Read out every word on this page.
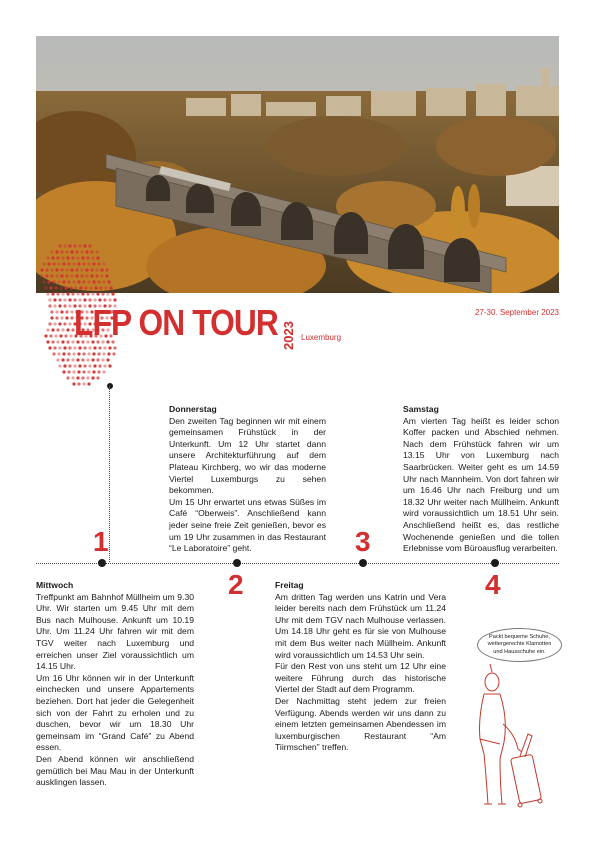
LFP ON TOUR 2023 Luxemburg
27-30. September 2023
1
2
3
4
Donnerstag

Den zweiten Tag beginnen wir mit einem gemeinsamen Frühstück in der Unterkunft. Um 12 Uhr startet dann unsere Architekturführung auf dem Plateau Kirchberg, wo wir das moderne Viertel Luxemburgs zu sehen bekommen.

Um 15 Uhr erwartet uns etwas Süßes im Café “Oberweis”. Anschließend kann jeder seine freie Zeit genießen, bevor es um 19 Uhr zusammen in das Restaurant “Le Laboratoire” geht.

Samstag

Am vierten Tag heißt es leider schon Koffer packen und Abschied nehmen. Nach dem Frühstück fahren wir um 13.15 Uhr von Luxemburg nach Saarbrücken. Weiter geht es um 14.59 Uhr nach Mannheim. Von dort fahren wir um 16.46 Uhr nach Freiburg und um 18.32 Uhr weiter nach Müllheim. Ankunft wird voraussichtlich um 18.51 Uhr sein. Anschließend heißt es, das restliche Wochenende genießen und die tollen Erlebnisse vom Büroausflug verarbeiten.

Mittwoch

Treffpunkt am Bahnhof Müllheim um 9.30 Uhr. Wir starten um 9.45 Uhr mit dem Bus nach Mulhouse. Ankunft um 10.19 Uhr. Um 11.24 Uhr fahren wir mit dem TGV weiter nach Luxemburg und erreichen unser Ziel voraussichtlich um 14.15 Uhr.

Um 16 Uhr können wir in der Unterkunft einchecken und unsere Appartements beziehen. Dort hat jeder die Gelegenheit sich von der Fahrt zu erholen und zu duschen, bevor wir um 18.30 Uhr gemeinsam im “Grand Café” zu Abend essen.

Den Abend können wir anschließend gemütlich bei Mau Mau in der Unterkunft ausklingen lassen.

Freitag

Am dritten Tag werden uns Katrin und Vera leider bereits nach dem Frühstück um 11.24 Uhr mit dem TGV nach Mulhouse verlassen. Um 14.18 Uhr geht es für sie von Mulhouse mit dem Bus weiter nach Müllheim. Ankunft wird voraussichtlich um 14.53 Uhr sein.

Für den Rest von uns steht um 12 Uhr eine weitere Führung durch das historische Viertel der Stadt auf dem Programm.

Der Nachmittag steht jedem zur freien Verfügung. Abends werden wir uns dann zu einem letzten gemeinsamen Abendessen im luxemburgischen Restaurant “Am Tiirmschen” treffen.

Packt bequeme Schuhe, wettergerechte Klamotten und Hausschuhe ein.
